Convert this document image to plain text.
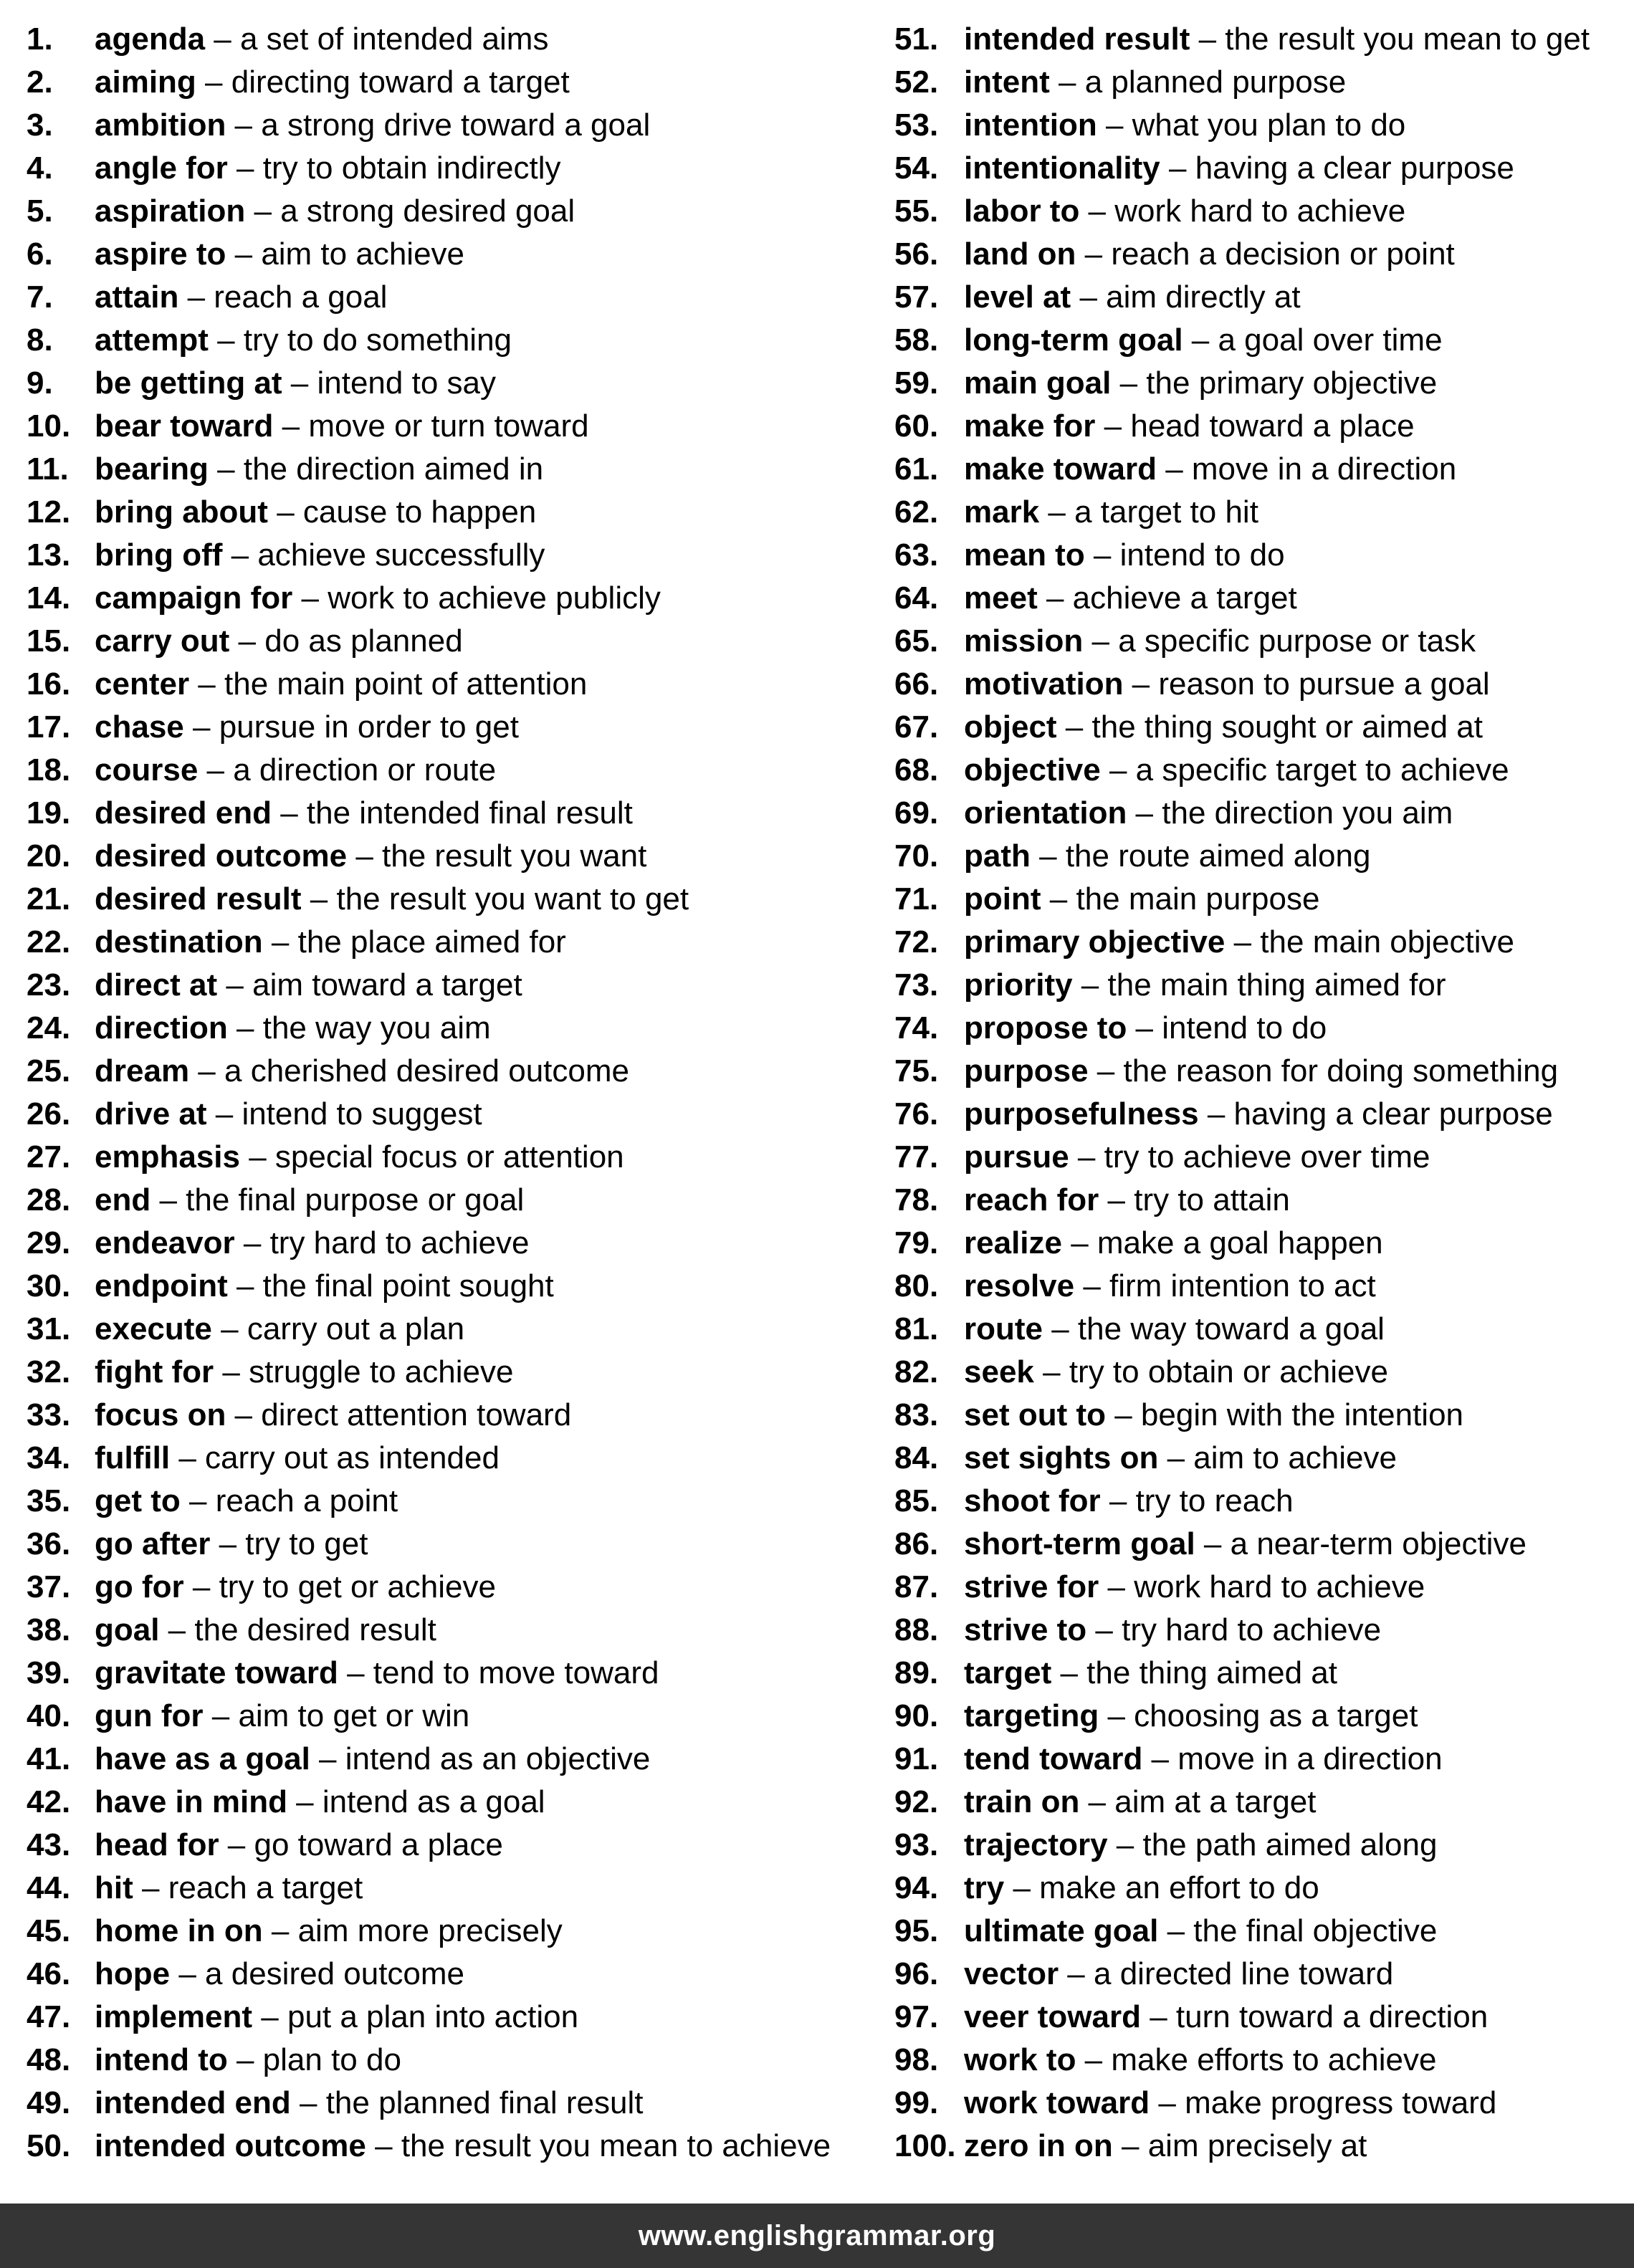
1. agenda – a set of intended aims
2. aiming – directing toward a target
3. ambition – a strong drive toward a goal
4. angle for – try to obtain indirectly
5. aspiration – a strong desired goal
6. aspire to – aim to achieve
7. attain – reach a goal
8. attempt – try to do something
9. be getting at – intend to say
10. bear toward – move or turn toward
11. bearing – the direction aimed in
12. bring about – cause to happen
13. bring off – achieve successfully
14. campaign for – work to achieve publicly
15. carry out – do as planned
16. center – the main point of attention
17. chase – pursue in order to get
18. course – a direction or route
19. desired end – the intended final result
20. desired outcome – the result you want
21. desired result – the result you want to get
22. destination – the place aimed for
23. direct at – aim toward a target
24. direction – the way you aim
25. dream – a cherished desired outcome
26. drive at – intend to suggest
27. emphasis – special focus or attention
28. end – the final purpose or goal
29. endeavor – try hard to achieve
30. endpoint – the final point sought
31. execute – carry out a plan
32. fight for – struggle to achieve
33. focus on – direct attention toward
34. fulfill – carry out as intended
35. get to – reach a point
36. go after – try to get
37. go for – try to get or achieve
38. goal – the desired result
39. gravitate toward – tend to move toward
40. gun for – aim to get or win
41. have as a goal – intend as an objective
42. have in mind – intend as a goal
43. head for – go toward a place
44. hit – reach a target
45. home in on – aim more precisely
46. hope – a desired outcome
47. implement – put a plan into action
48. intend to – plan to do
49. intended end – the planned final result
50. intended outcome – the result you mean to achieve
51. intended result – the result you mean to get
52. intent – a planned purpose
53. intention – what you plan to do
54. intentionality – having a clear purpose
55. labor to – work hard to achieve
56. land on – reach a decision or point
57. level at – aim directly at
58. long-term goal – a goal over time
59. main goal – the primary objective
60. make for – head toward a place
61. make toward – move in a direction
62. mark – a target to hit
63. mean to – intend to do
64. meet – achieve a target
65. mission – a specific purpose or task
66. motivation – reason to pursue a goal
67. object – the thing sought or aimed at
68. objective – a specific target to achieve
69. orientation – the direction you aim
70. path – the route aimed along
71. point – the main purpose
72. primary objective – the main objective
73. priority – the main thing aimed for
74. propose to – intend to do
75. purpose – the reason for doing something
76. purposefulness – having a clear purpose
77. pursue – try to achieve over time
78. reach for – try to attain
79. realize – make a goal happen
80. resolve – firm intention to act
81. route – the way toward a goal
82. seek – try to obtain or achieve
83. set out to – begin with the intention
84. set sights on – aim to achieve
85. shoot for – try to reach
86. short-term goal – a near-term objective
87. strive for – work hard to achieve
88. strive to – try hard to achieve
89. target – the thing aimed at
90. targeting – choosing as a target
91. tend toward – move in a direction
92. train on – aim at a target
93. trajectory – the path aimed along
94. try – make an effort to do
95. ultimate goal – the final objective
96. vector – a directed line toward
97. veer toward – turn toward a direction
98. work to – make efforts to achieve
99. work toward – make progress toward
100. zero in on – aim precisely at
www.englishgrammar.org
